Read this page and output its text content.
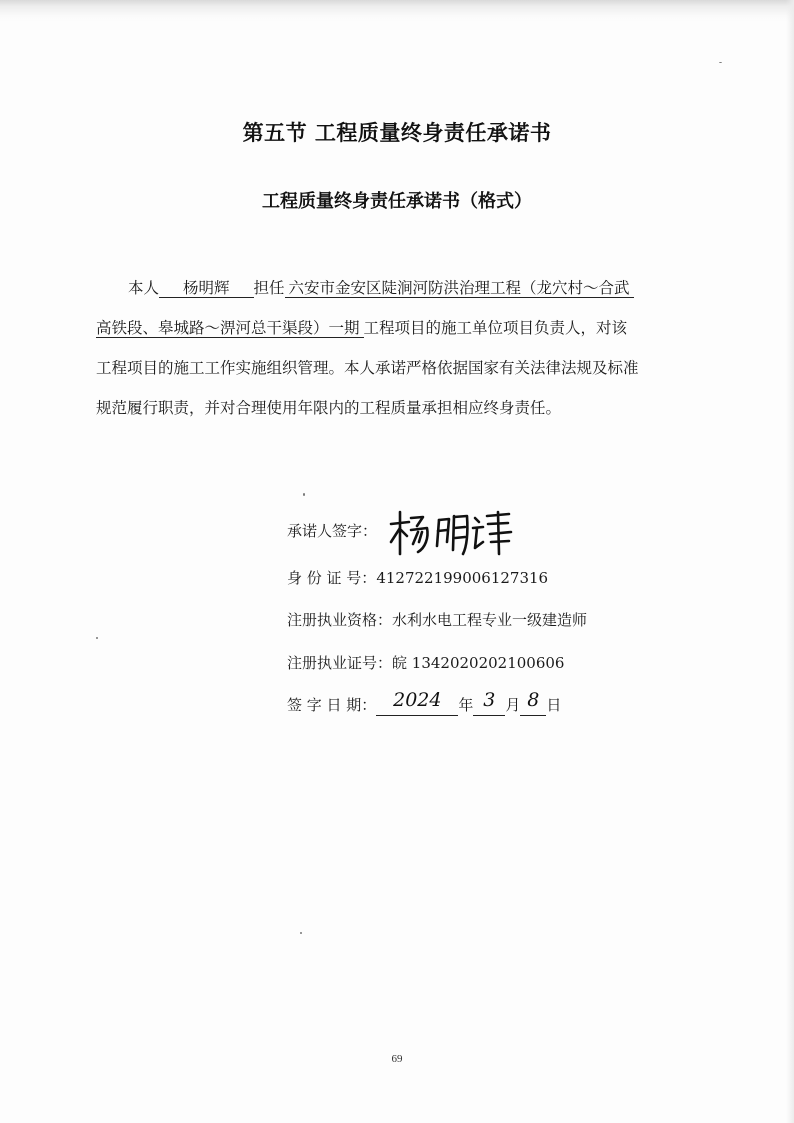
第五节 工程质量终身责任承诺书
工程质量终身责任承诺书（格式）
本人 杨明辉 担任 六安市金安区陡涧河防洪治理工程（龙穴村～合武
高铁段、皋城路～淠河总干渠段）一期 工程项目的施工单位项目负责人，对该
工程项目的施工工作实施组织管理。本人承诺严格依据国家有关法律法规及标准
规范履行职责，并对合理使用年限内的工程质量承担相应终身责任。
承诺人签字：
身 份 证 号：412722199006127316
注册执业资格：水利水电工程专业一级建造师
注册执业证号：皖 1342020202100606
签 字 日 期： 2024 年 3 月 8 日
69
